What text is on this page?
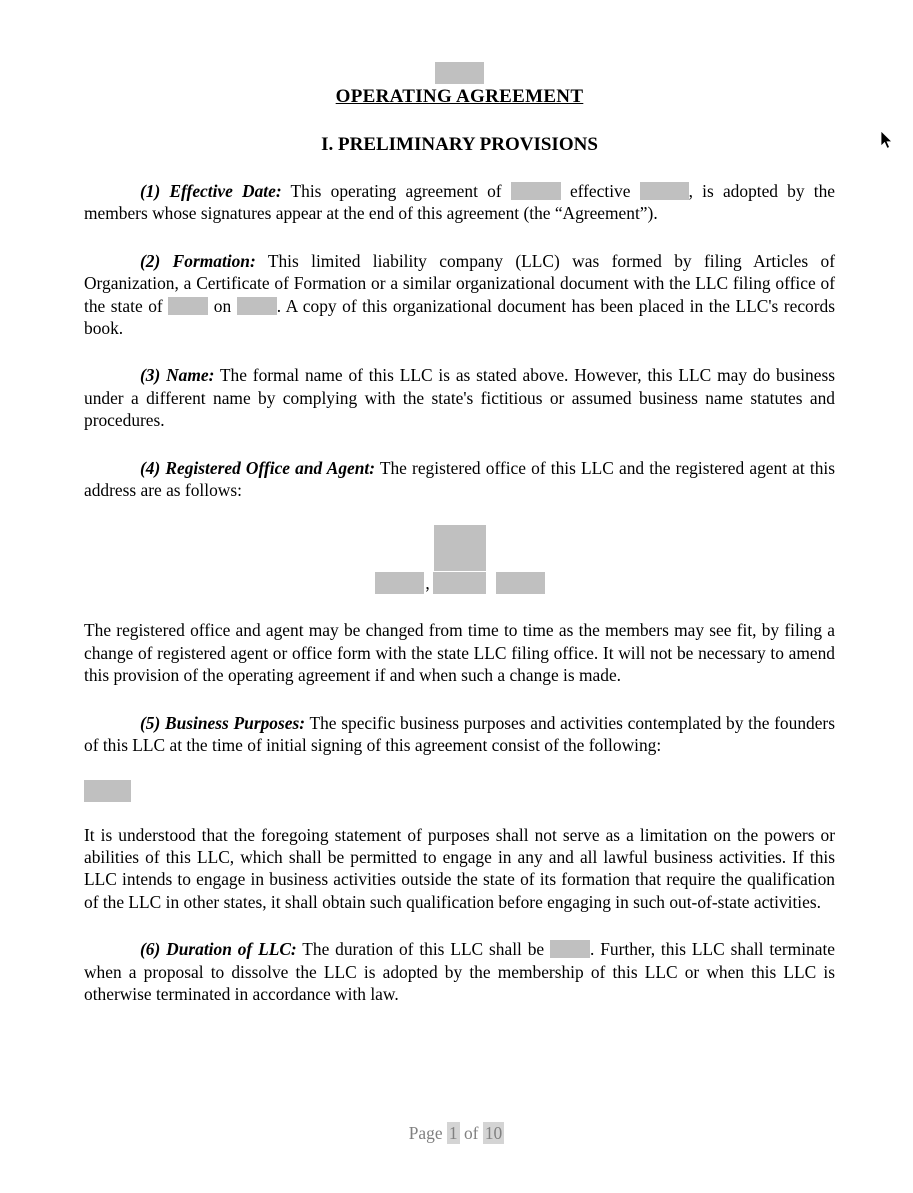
OPERATING AGREEMENT
I. PRELIMINARY PROVISIONS

(1) Effective Date: This operating agreement of	effective	, is adopted by the members whose signatures appear at the end of this agreement (the “Agreement”).

(2) Formation: This limited liability company (LLC) was formed by filing Articles of Organization, a Certificate of Formation or a similar organizational document with the LLC filing office of the state of  on . A copy of this organizational document has been placed in the LLC's records book.

(3) Name: The formal name of this LLC is as stated above. However, this LLC may do business under a different name by complying with the state's fictitious or assumed business name statutes and procedures.

(4) Registered Office and Agent: The registered office of this LLC and the registered agent at this address are as follows:

,

The registered office and agent may be changed from time to time as the members may see fit, by filing a change of registered agent or office form with the state LLC filing office. It will not be necessary to amend this provision of the operating agreement if and when such a change is made.

(5) Business Purposes: The specific business purposes and activities contemplated by the founders of this LLC at the time of initial signing of this agreement consist of the following:

It is understood that the foregoing statement of purposes shall not serve as a limitation on the powers or abilities of this LLC, which shall be permitted to engage in any and all lawful business activities. If this LLC intends to engage in business activities outside the state of its formation that require the qualification of the LLC in other states, it shall obtain such qualification before engaging in such out-of-state activities.

(6) Duration of LLC: The duration of this LLC shall be . Further, this LLC shall terminate when a proposal to dissolve the LLC is adopted by the membership of this LLC or when this LLC is otherwise terminated in accordance with law.

Page 1 of 10
